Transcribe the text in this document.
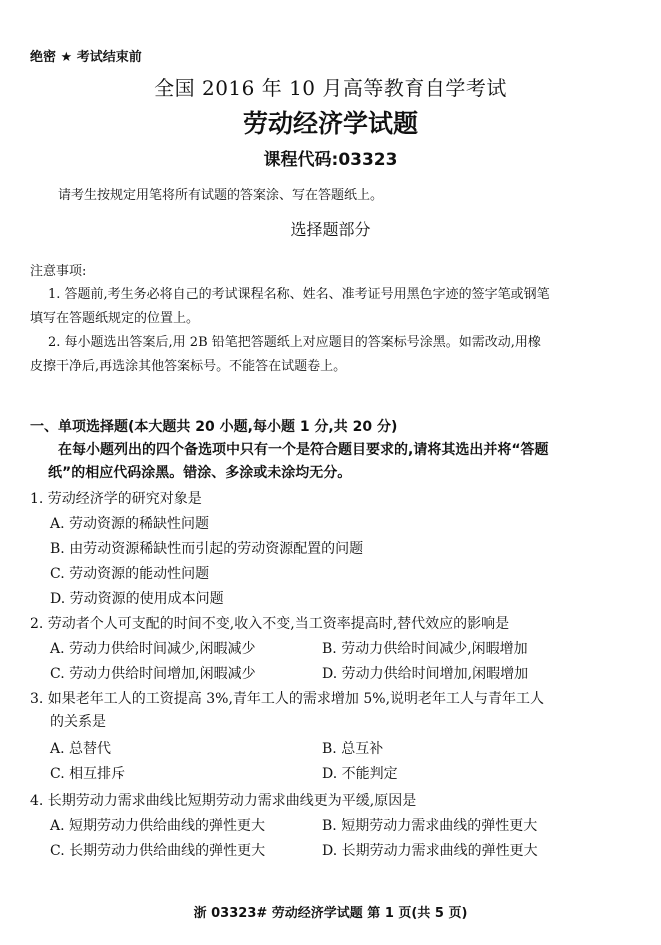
绝密 ★ 考试结束前
全国 2016 年 10 月高等教育自学考试
劳动经济学试题
课程代码:03323
请考生按规定用笔将所有试题的答案涂、写在答题纸上。
选择题部分
注意事项:
1. 答题前,考生务必将自己的考试课程名称、姓名、准考证号用黑色字迹的签字笔或钢笔
填写在答题纸规定的位置上。
2. 每小题选出答案后,用 2B 铅笔把答题纸上对应题目的答案标号涂黑。如需改动,用橡
皮擦干净后,再选涂其他答案标号。不能答在试题卷上。
一、单项选择题(本大题共 20 小题,每小题 1 分,共 20 分)
在每小题列出的四个备选项中只有一个是符合题目要求的,请将其选出并将“答题
纸”的相应代码涂黑。错涂、多涂或未涂均无分。
1. 劳动经济学的研究对象是
A. 劳动资源的稀缺性问题
B. 由劳动资源稀缺性而引起的劳动资源配置的问题
C. 劳动资源的能动性问题
D. 劳动资源的使用成本问题
2. 劳动者个人可支配的时间不变,收入不变,当工资率提高时,替代效应的影响是
A. 劳动力供给时间减少,闲暇减少	B. 劳动力供给时间减少,闲暇增加
C. 劳动力供给时间增加,闲暇减少	D. 劳动力供给时间增加,闲暇增加
3. 如果老年工人的工资提高 3%,青年工人的需求增加 5%,说明老年工人与青年工人
的关系是
A. 总替代	B. 总互补
C. 相互排斥	D. 不能判定
4. 长期劳动力需求曲线比短期劳动力需求曲线更为平缓,原因是
A. 短期劳动力供给曲线的弹性更大	B. 短期劳动力需求曲线的弹性更大
C. 长期劳动力供给曲线的弹性更大	D. 长期劳动力需求曲线的弹性更大
浙 03323# 劳动经济学试题 第 1 页(共 5 页)
